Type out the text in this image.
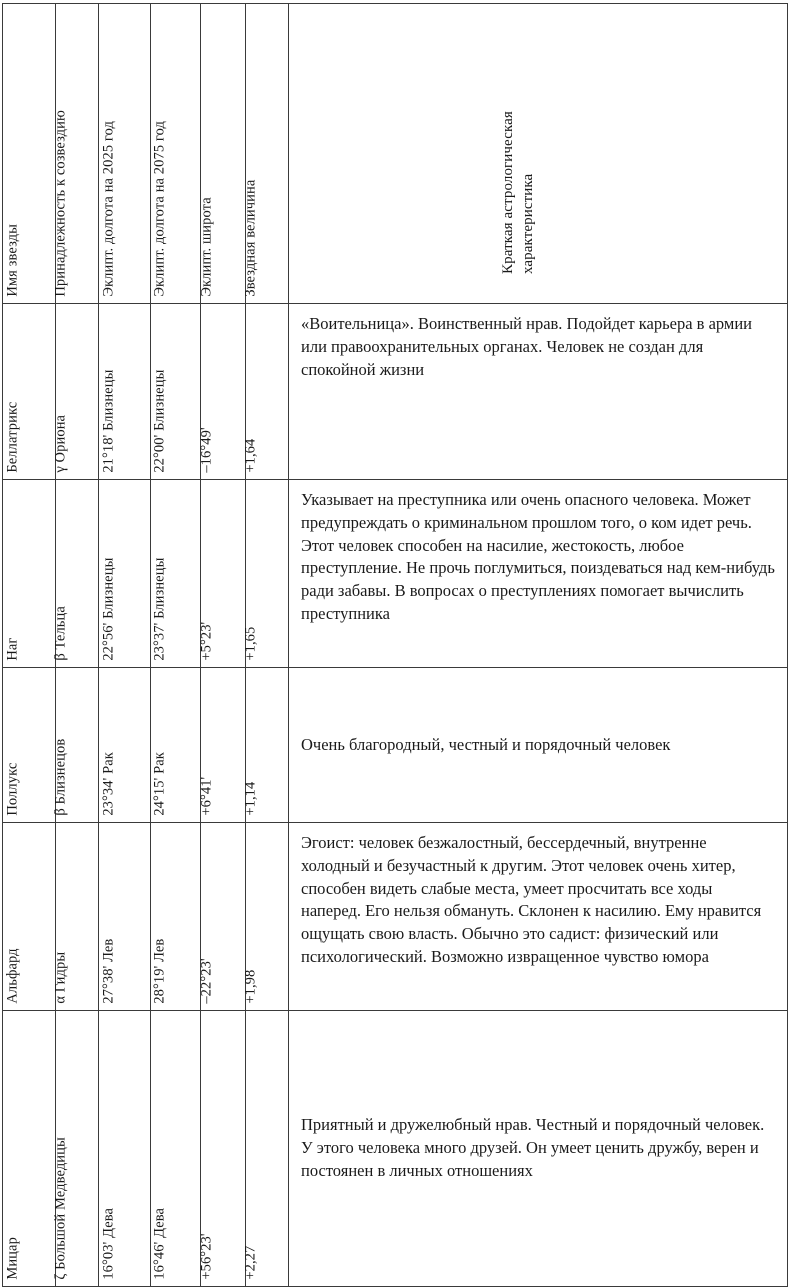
Имя звезды	Принадлежность к созвездию	Эклипт. долгота на 2025 год	Эклипт. долгота на 2075 год	Эклипт. широта	Звездная величина	Краткая астрологическая характеристика

Беллатрикс	γ Ориона	21°18' Близнецы	22°00' Близнецы	–16°49'	+1,64	«Воительница». Воинственный нрав. Подойдет карьера в армии или правоохранительных органах. Человек не создан для спокойной жизни

Наг	β Тельца	22°56' Близнецы	23°37' Близнецы	+5°23'	+1,65	Указывает на преступника или очень опасного человека. Может предупреждать о криминальном прошлом того, о ком идет речь. Этот человек способен на насилие, жестокость, любое преступление. Не прочь поглумиться, поиздеваться над кем-нибудь ради забавы. В вопросах о преступлениях помогает вычислить преступника

Поллукс	β Близнецов	23°34' Рак	24°15' Рак	+6°41'	+1,14	Очень благородный, честный и порядочный человек

Альфард	α Гидры	27°38' Лев	28°19' Лев	–22°23'	+1,98	Эгоист: человек безжалостный, бессердечный, внутренне холодный и безучастный к другим. Этот человек очень хитер, способен видеть слабые места, умеет просчитать все ходы наперед. Его нельзя обмануть. Склонен к насилию. Ему нравится ощущать свою власть. Обычно это садист: физический или психологический. Возможно извращенное чувство юмора

Мицар	ζ Большой Медведицы	16°03' Дева	16°46' Дева	+56°23'	+2,27	Приятный и дружелюбный нрав. Честный и порядочный человек. У этого человека много друзей. Он умеет ценить дружбу, верен и постоянен в личных отношениях
